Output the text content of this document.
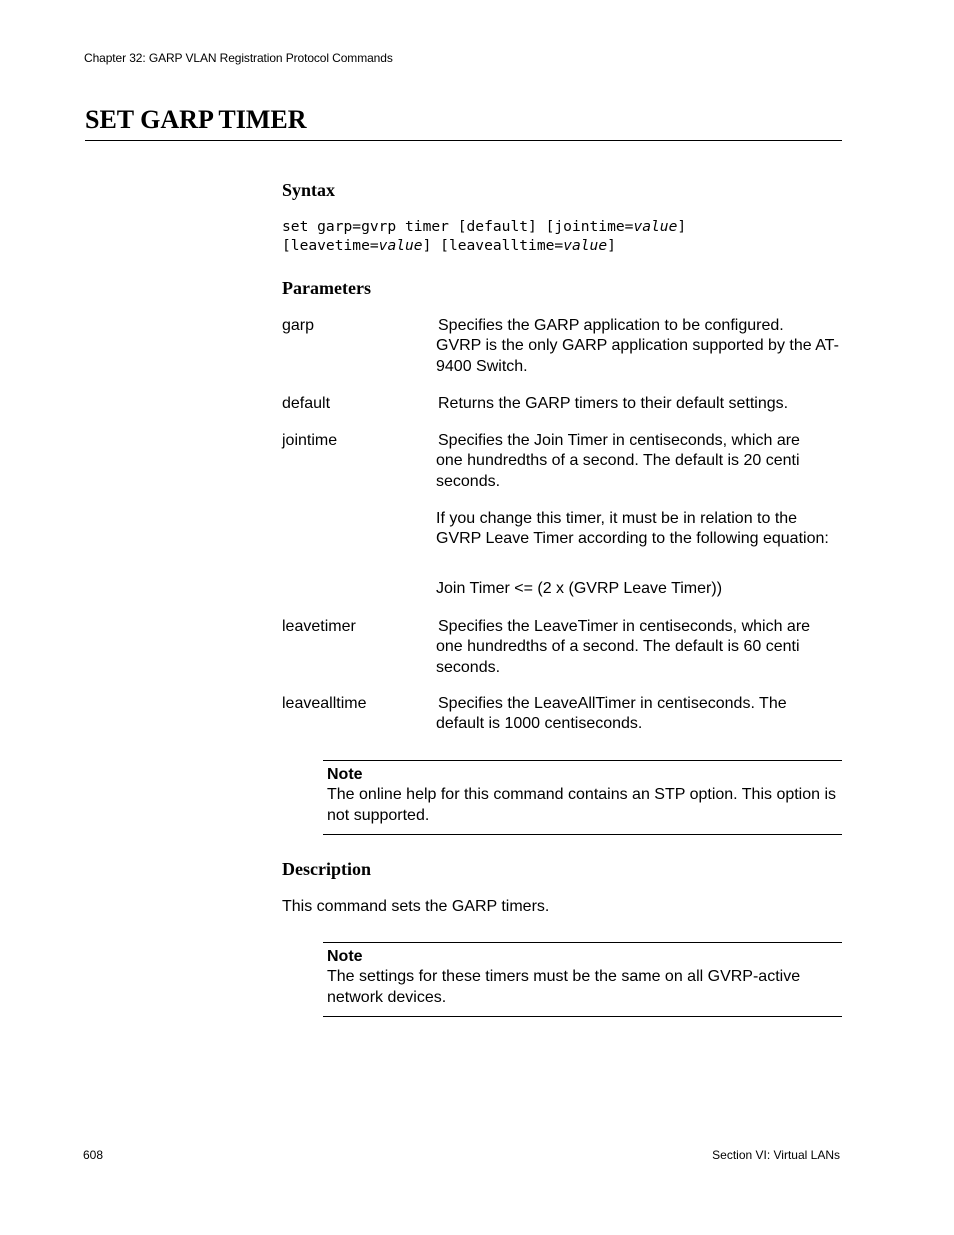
Chapter 32: GARP VLAN Registration Protocol Commands
SET GARP TIMER
Syntax
set garp=gvrp timer [default] [jointime=value]
[leavetime=value] [leavealltime=value]
Parameters
garp	Specifies the GARP application to be configured.
GVRP is the only GARP application supported by the AT-9400 Switch.
default	Returns the GARP timers to their default settings.
jointime	Specifies the Join Timer in centiseconds, which are
one hundredths of a second. The default is 20 centi seconds.
If you change this timer, it must be in relation to the GVRP Leave Timer according to the following equation:
Join Timer <= (2 x (GVRP Leave Timer))
leavetimer	Specifies the LeaveTimer in centiseconds, which are
one hundredths of a second. The default is 60 centi seconds.
leavealltime	Specifies the LeaveAllTimer in centiseconds. The
default is 1000 centiseconds.
Note
The online help for this command contains an STP option. This option is not supported.
Description
This command sets the GARP timers.
Note
The settings for these timers must be the same on all GVRP-active network devices.
608	Section VI: Virtual LANs
